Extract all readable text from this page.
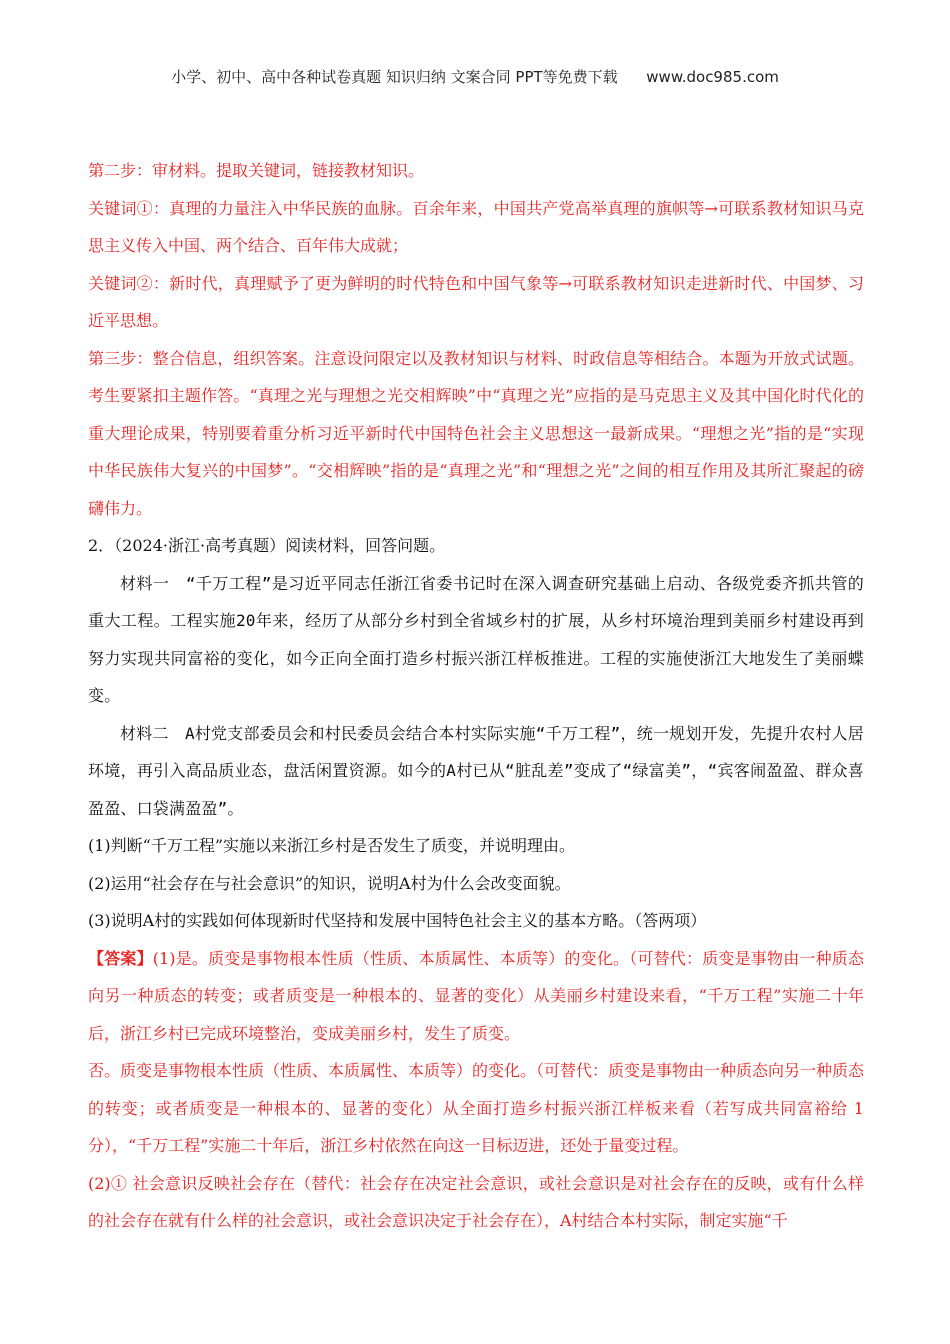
小学、初中、高中各种试卷真题 知识归纳 文案合同 PPT等免费下载      www.doc985.com

第二步：审材料。提取关键词，链接教材知识。

关键词①：真理的力量注入中华民族的血脉。百余年来，中国共产党高举真理的旗帜等→可联系教材知识马克思主义传入中国、两个结合、百年伟大成就；

关键词②：新时代，真理赋予了更为鲜明的时代特色和中国气象等→可联系教材知识走进新时代、中国梦、习近平思想。

第三步：整合信息，组织答案。注意设问限定以及教材知识与材料、时政信息等相结合。本题为开放式试题。考生要紧扣主题作答。“真理之光与理想之光交相辉映”中“真理之光”应指的是马克思主义及其中国化时代化的重大理论成果，特别要着重分析习近平新时代中国特色社会主义思想这一最新成果。“理想之光”指的是“实现中华民族伟大复兴的中国梦”。“交相辉映”指的是“真理之光”和“理想之光”之间的相互作用及其所汇聚起的磅礴伟力。

2．（2024·浙江·高考真题）阅读材料，回答问题。

材料一　“千万工程”是习近平同志任浙江省委书记时在深入调查研究基础上启动、各级党委齐抓共管的重大工程。工程实施20年来，经历了从部分乡村到全省域乡村的扩展，从乡村环境治理到美丽乡村建设再到努力实现共同富裕的变化，如今正向全面打造乡村振兴浙江样板推进。工程的实施使浙江大地发生了美丽蝶变。

材料二　A村党支部委员会和村民委员会结合本村实际实施“千万工程”，统一规划开发，先提升农村人居环境，再引入高品质业态，盘活闲置资源。如今的A村已从“脏乱差”变成了“绿富美”，“宾客闹盈盈、群众喜盈盈、口袋满盈盈”。

(1)判断“千万工程”实施以来浙江乡村是否发生了质变，并说明理由。

(2)运用“社会存在与社会意识”的知识，说明A村为什么会改变面貌。

(3)说明A村的实践如何体现新时代坚持和发展中国特色社会主义的基本方略。（答两项）

【答案】(1)是。质变是事物根本性质（性质、本质属性、本质等）的变化。（可替代：质变是事物由一种质态向另一种质态的转变；或者质变是一种根本的、显著的变化）从美丽乡村建设来看，“千万工程”实施二十年后，浙江乡村已完成环境整治，变成美丽乡村，发生了质变。

否。质变是事物根本性质（性质、本质属性、本质等）的变化。（可替代：质变是事物由一种质态向另一种质态的转变；或者质变是一种根本的、显著的变化）从全面打造乡村振兴浙江样板来看（若写成共同富裕给 1 分），“千万工程”实施二十年后，浙江乡村依然在向这一目标迈进，还处于量变过程。

(2)① 社会意识反映社会存在（替代：社会存在决定社会意识，或社会意识是对社会存在的反映，或有什么样的社会存在就有什么样的社会意识，或社会意识决定于社会存在），A村结合本村实际，制定实施“千
